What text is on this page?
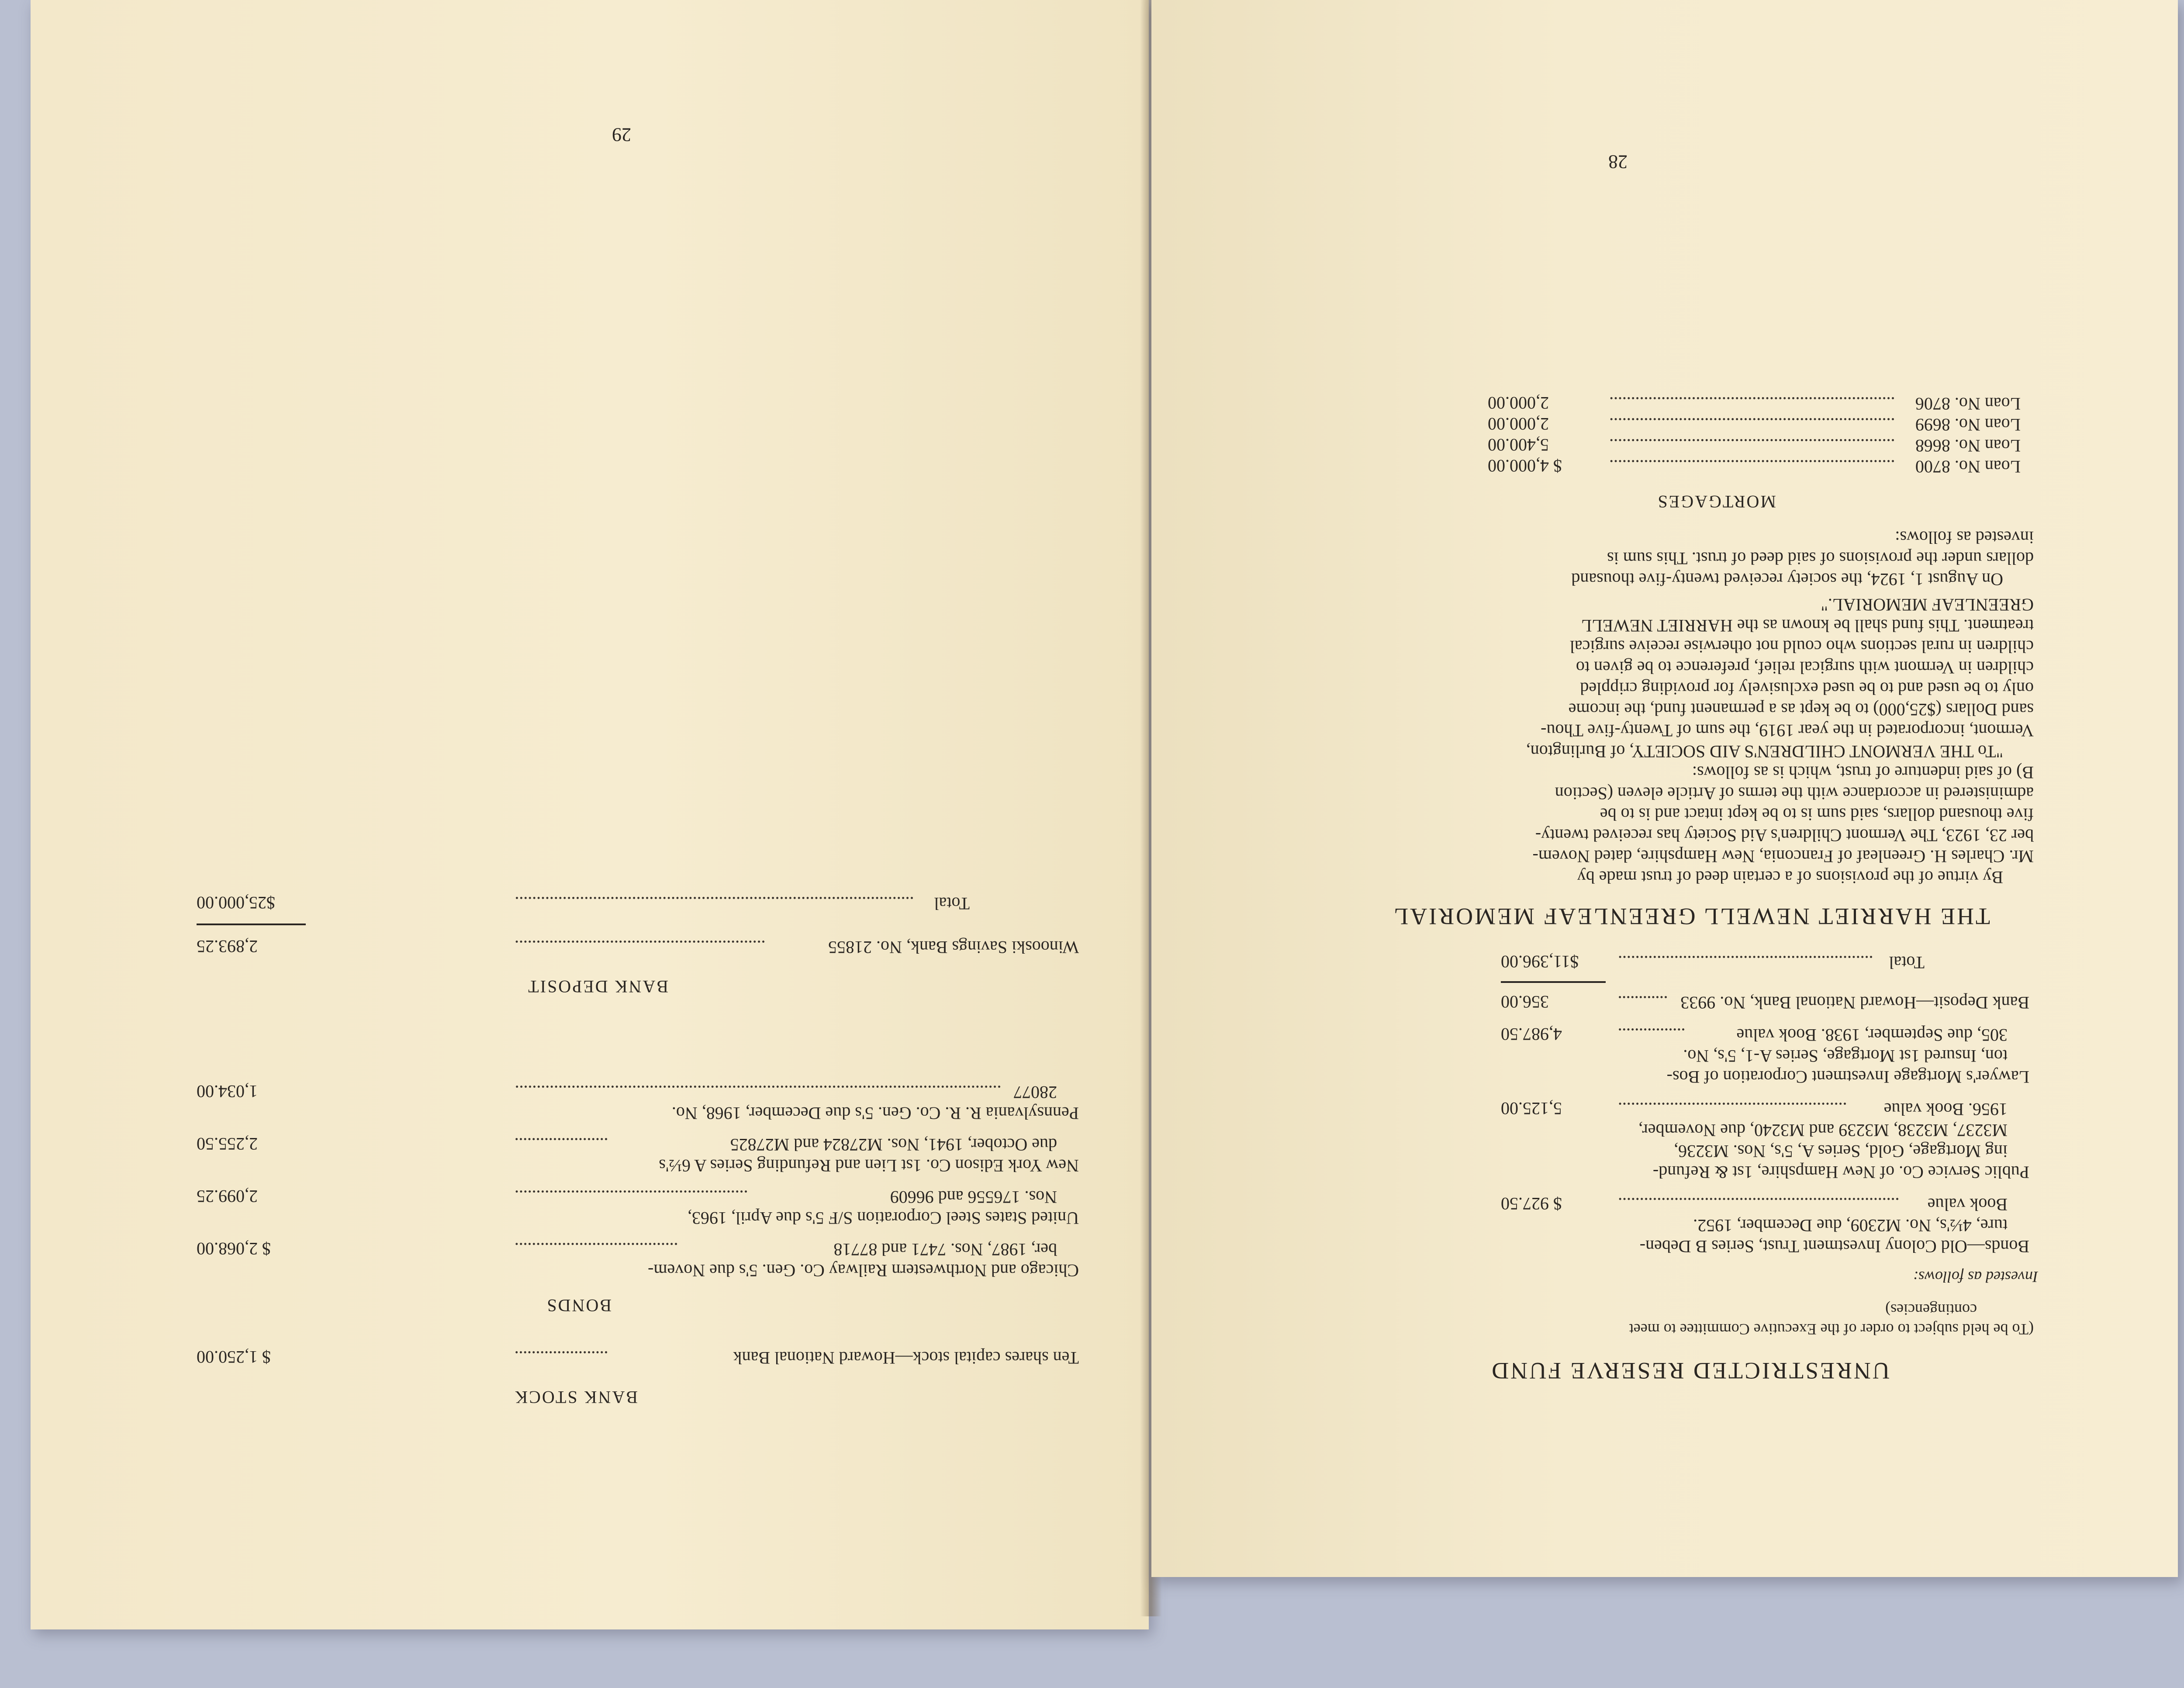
29
BANK STOCK
Ten shares capital stock—Howard National Bank
$ 1,250.00
BONDS
Chicago and Northwestern Railway Co. Gen. 5's due Novem-
ber, 1987, Nos. 7471 and 87718
$ 2,068.00
United States Steel Corporation S/F 5's due April, 1963,
Nos. 176556 and 96609
2,099.25
New York Edison Co. 1st Lien and Refunding Series A 6½'s
due October, 1941, Nos. M27824 and M27825
2,255.50
Pennsylvania R. R. Co. Gen. 5's due December, 1968, No.
28077
1,034.00
BANK DEPOSIT
Winooski Savings Bank, No. 21855
2,893.25
Total
$25,000.00
28
UNRESTRICTED RESERVE FUND
(To be held subject to order of the Executive Committee to meet
contingencies)
Invested as follows:
Bonds—Old Colony Investment Trust, Series B Deben-
ture, 4½'s, No. M2309, due December, 1952.
Book value
$ 927.50
Public Service Co. of New Hampshire, 1st & Refund-
ing Mortgage, Gold, Series A, 5's, Nos. M3236,
M3237, M3238, M3239 and M3240, due November,
1956. Book value
5,125.00
Lawyer's Mortgage Investment Corporation of Bos-
ton, Insured 1st Mortgage, Series A-1, 5's, No.
305, due September, 1938. Book value
4,987.50
Bank Deposit—Howard National Bank, No. 9933
356.00
Total
$11,396.00
THE HARRIET NEWELL GREENLEAF MEMORIAL
By virtue of the provisions of a certain deed of trust made by
Mr. Charles H. Greenleaf of Franconia, New Hampshire, dated Novem-
ber 23, 1923, The Vermont Children's Aid Society has received twenty-
five thousand dollars, said sum is to be kept intact and is to be
administered in accordance with the terms of Article eleven (Section
B) of said indenture of trust, which is as follows:
"To THE VERMONT CHILDREN'S AID SOCIETY, of Burlington,
Vermont, incorporated in the year 1919, the sum of Twenty-five Thou-
sand Dollars ($25,000) to be kept as a permanent fund, the income
only to be used and to be used exclusively for providing crippled
children in Vermont with surgical relief, preference to be given to
children in rural sections who could not otherwise receive surgical
treatment. This fund shall be known as the HARRIET NEWELL
GREENLEAF MEMORIAL."
On August 1, 1924, the society received twenty-five thousand
dollars under the provisions of said deed of trust. This sum is
invested as follows:
MORTGAGES
Loan No. 8700
$ 4,000.00
Loan No. 8668
5,400.00
Loan No. 8699
2,000.00
Loan No. 8706
2,000.00
